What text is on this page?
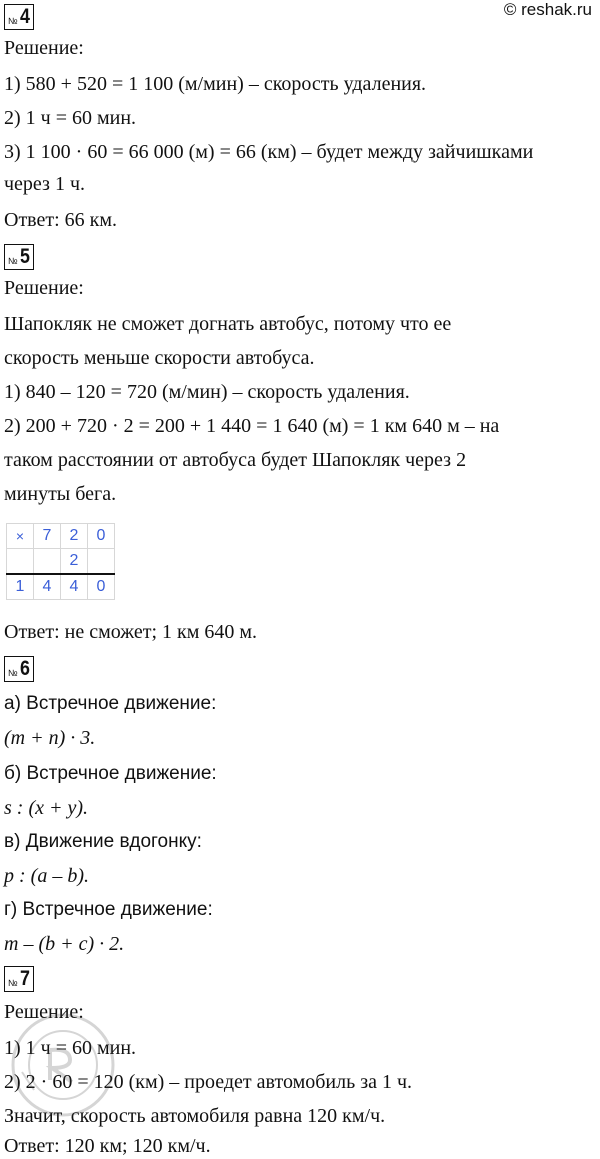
© reshak.ru
№ 4
Решение:
1) 580 + 520 = 1 100 (м/мин) – скорость удаления.
2) 1 ч = 60 мин.
3) 1 100 · 60 = 66 000 (м) = 66 (км) – будет между зайчишками
через 1 ч.
Ответ: 66 км.
№ 5
Решение:
Шапокляк не сможет догнать автобус, потому что ее
скорость меньше скорости автобуса.
1) 840 – 120 = 720 (м/мин) – скорость удаления.
2) 200 + 720 · 2 = 200 + 1 440 = 1 640 (м) = 1 км 640 м – на
таком расстоянии от автобуса будет Шапокляк через 2
минуты бега.
×	7	2	0
		2	
1	4	4	0
Ответ: не сможет; 1 км 640 м.
№ 6
а) Встречное движение:
(m + n) · 3.
б) Встречное движение:
s : (x + y).
в) Движение вдогонку:
p : (a – b).
г) Встречное движение:
m – (b + c) · 2.
№ 7
Решение:
1) 1 ч = 60 мин.
2) 2 · 60 = 120 (км) – проедет автомобиль за 1 ч.
Значит, скорость автомобиля равна 120 км/ч.
Ответ: 120 км; 120 км/ч.
